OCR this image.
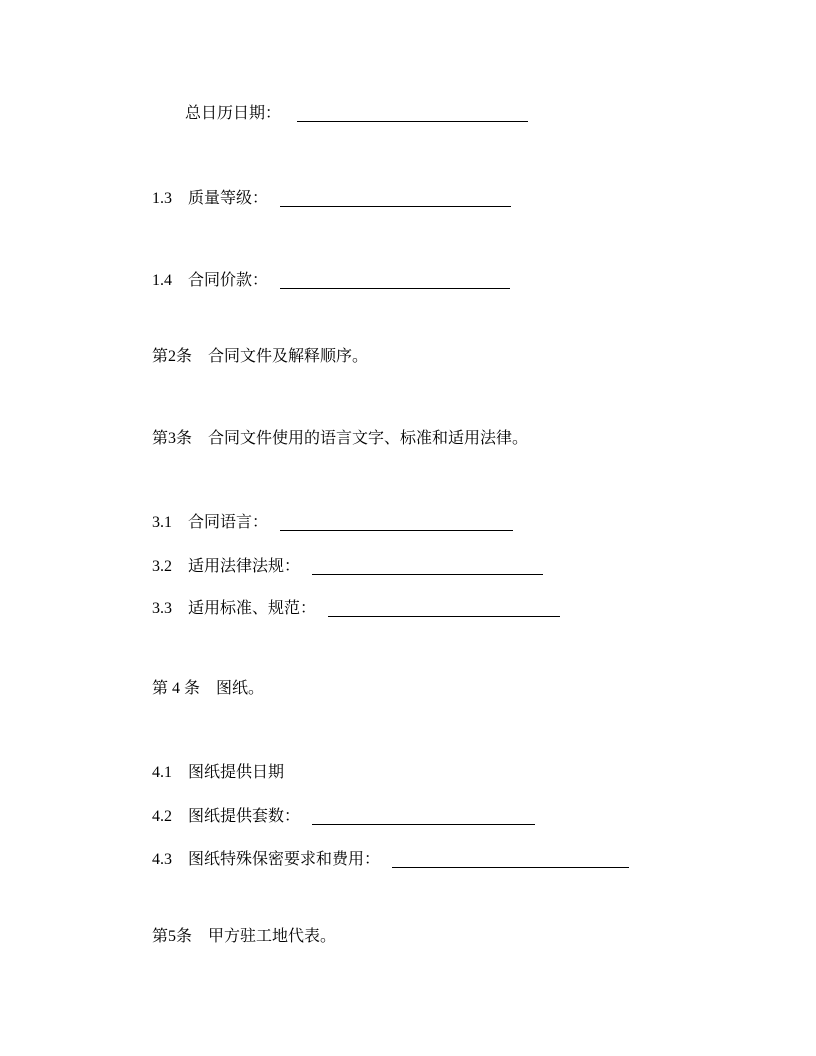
总日历日期：
1.3　质量等级：
1.4　合同价款：
第2条　合同文件及解释顺序。
第3条　合同文件使用的语言文字、标准和适用法律。
3.1　合同语言：
3.2　适用法律法规：
3.3　适用标准、规范：
第 4 条　图纸。
4.1　图纸提供日期
4.2　图纸提供套数：
4.3　图纸特殊保密要求和费用：
第5条　甲方驻工地代表。
